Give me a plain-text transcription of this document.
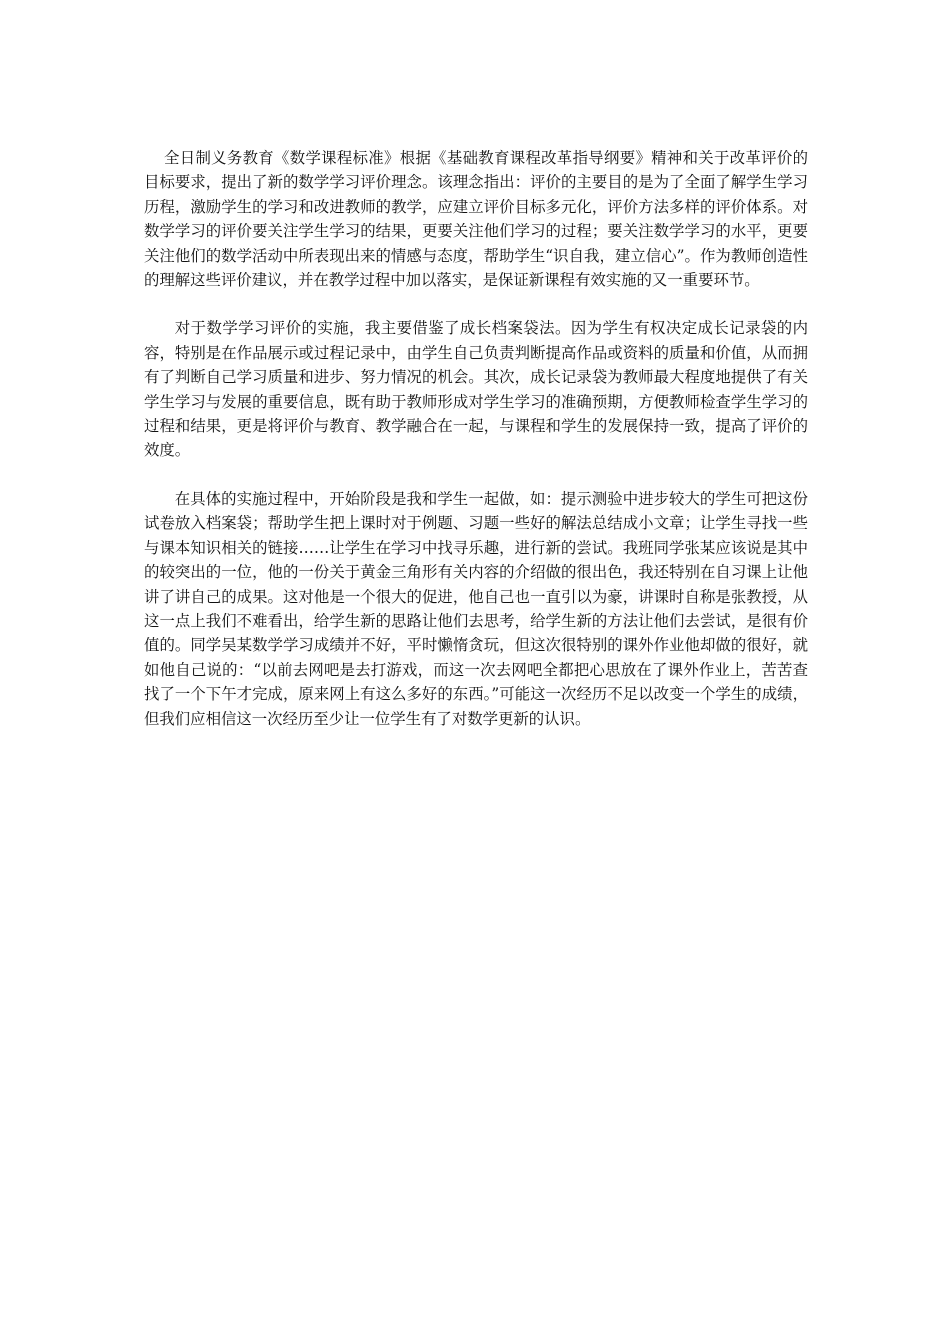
全日制义务教育《数学课程标准》根据《基础教育课程改革指导纲要》精神和关于改革评价的目标要求，提出了新的数学学习评价理念。该理念指出：评价的主要目的是为了全面了解学生学习历程，激励学生的学习和改进教师的教学，应建立评价目标多元化，评价方法多样的评价体系。对数学学习的评价要关注学生学习的结果，更要关注他们学习的过程；要关注数学学习的水平，更要关注他们的数学活动中所表现出来的情感与态度，帮助学生“识自我，建立信心”。作为教师创造性的理解这些评价建议，并在教学过程中加以落实，是保证新课程有效实施的又一重要环节。

对于数学学习评价的实施，我主要借鉴了成长档案袋法。因为学生有权决定成长记录袋的内容，特别是在作品展示或过程记录中，由学生自己负责判断提高作品或资料的质量和价值，从而拥有了判断自己学习质量和进步、努力情况的机会。其次，成长记录袋为教师最大程度地提供了有关学生学习与发展的重要信息，既有助于教师形成对学生学习的准确预期，方便教师检查学生学习的过程和结果，更是将评价与教育、教学融合在一起，与课程和学生的发展保持一致，提高了评价的效度。

在具体的实施过程中，开始阶段是我和学生一起做，如：提示测验中进步较大的学生可把这份试卷放入档案袋；帮助学生把上课时对于例题、习题一些好的解法总结成小文章；让学生寻找一些与课本知识相关的链接……让学生在学习中找寻乐趣，进行新的尝试。我班同学张某应该说是其中的较突出的一位，他的一份关于黄金三角形有关内容的介绍做的很出色，我还特别在自习课上让他讲了讲自己的成果。这对他是一个很大的促进，他自己也一直引以为豪，讲课时自称是张教授，从这一点上我们不难看出，给学生新的思路让他们去思考，给学生新的方法让他们去尝试，是很有价值的。同学吴某数学学习成绩并不好，平时懒惰贪玩，但这次很特别的课外作业他却做的很好，就如他自己说的：“以前去网吧是去打游戏，而这一次去网吧全都把心思放在了课外作业上，苦苦查找了一个下午才完成，原来网上有这么多好的东西。”可能这一次经历不足以改变一个学生的成绩，但我们应相信这一次经历至少让一位学生有了对数学更新的认识。
